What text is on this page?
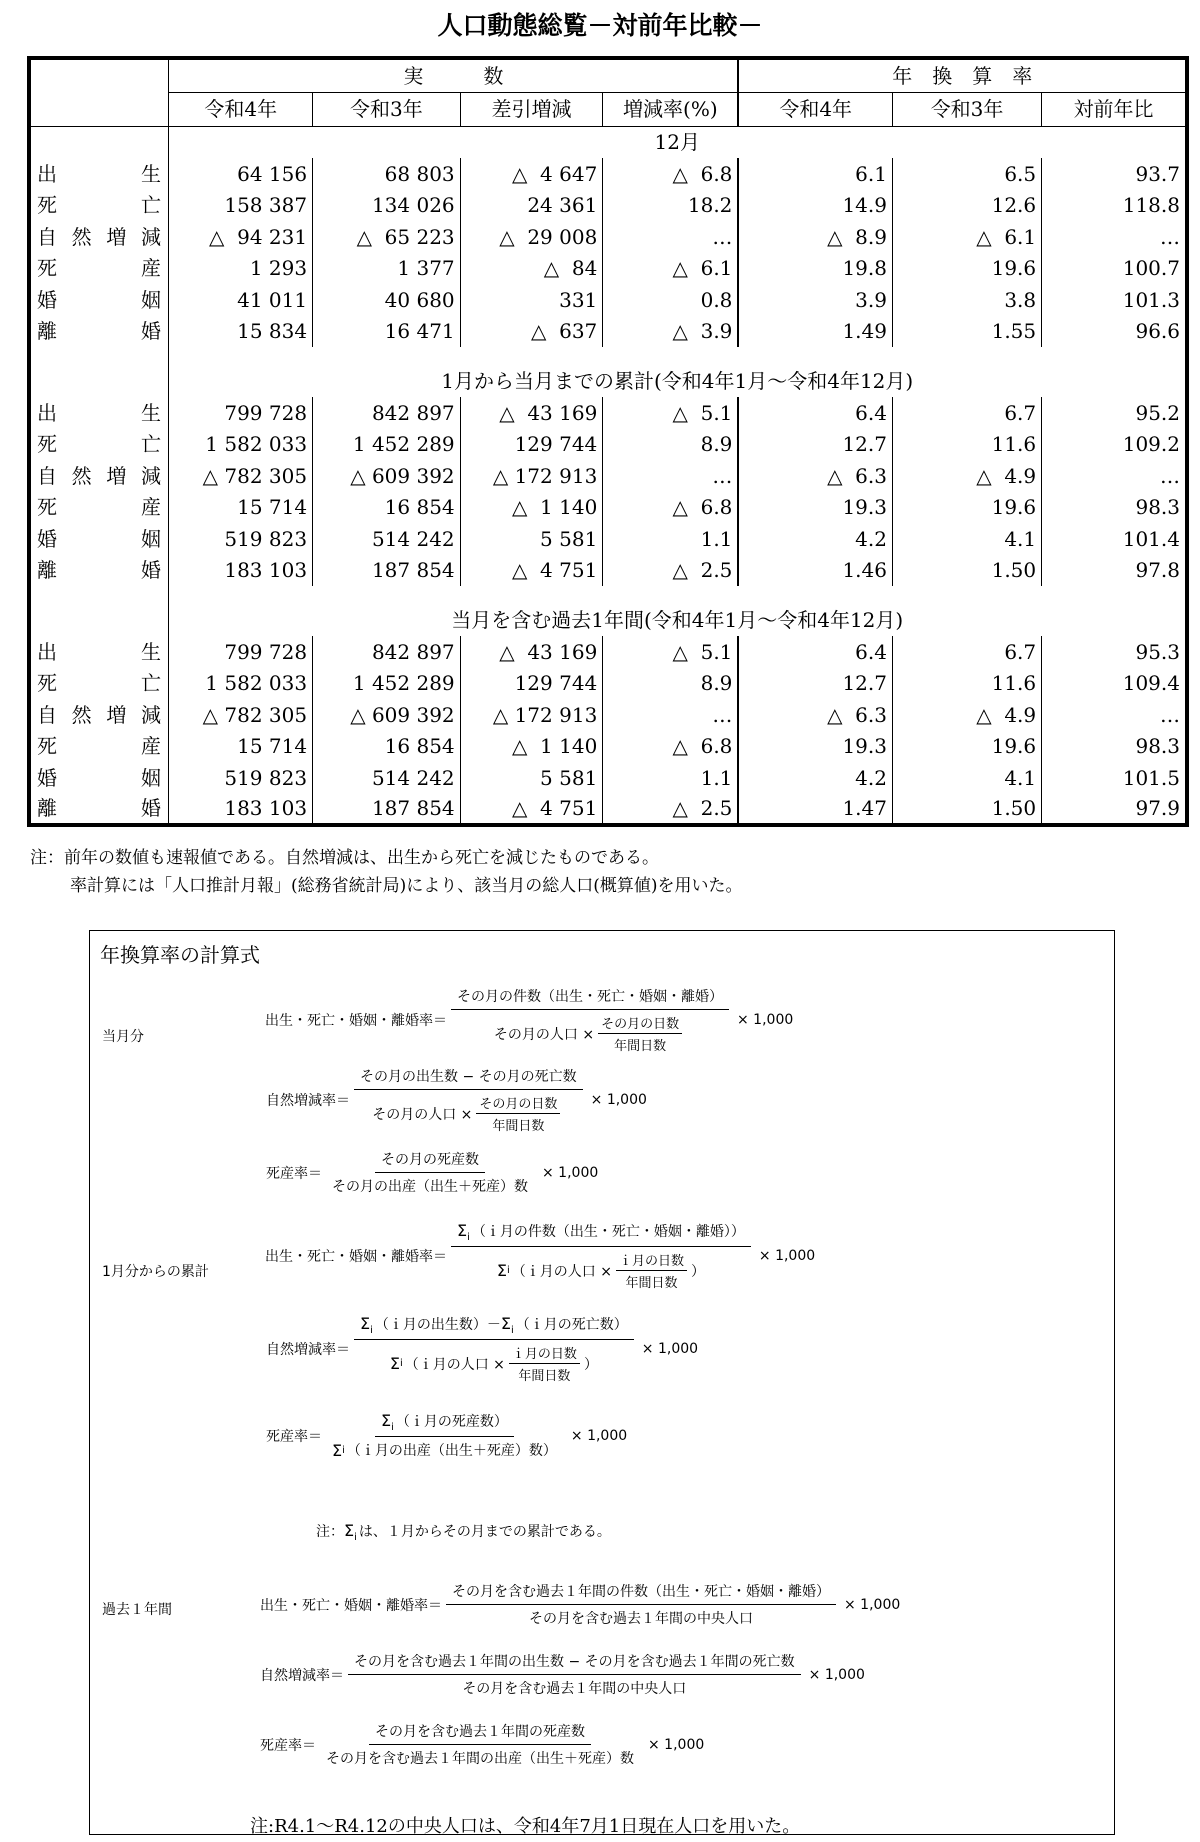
人口動態総覧－対前年比較－
	実　　　数				年　換　算　率		
	令和4年	令和3年	差引増減	増減率(%)	令和4年	令和3年	対前年比
	12月						

出 生	64 156	68 803	△  4 647	△  6.8	6.1	6.5	93.7

死 亡	158 387	134 026	24 361	18.2	14.9	12.6	118.8

自 然 増 減	△  94 231	△  65 223	△  29 008	…	△  8.9	△  6.1	…

死 産	1 293	1 377	△  84	△  6.1	19.8	19.6	100.7

婚 姻	41 011	40 680	331	0.8	3.9	3.8	101.3

離 婚	15 834	16 471	△  637	△  3.9	1.49	1.55	96.6

	1月から当月までの累計(令和4年1月～令和4年12月)						

出 生	799 728	842 897	△  43 169	△  5.1	6.4	6.7	95.2

死 亡	1 582 033	1 452 289	129 744	8.9	12.7	11.6	109.2

自 然 増 減	△ 782 305	△ 609 392	△ 172 913	…	△  6.3	△  4.9	…

死 産	15 714	16 854	△  1 140	△  6.8	19.3	19.6	98.3

婚 姻	519 823	514 242	5 581	1.1	4.2	4.1	101.4

離 婚	183 103	187 854	△  4 751	△  2.5	1.46	1.50	97.8

	当月を含む過去1年間(令和4年1月～令和4年12月)						

出 生	799 728	842 897	△  43 169	△  5.1	6.4	6.7	95.3

死 亡	1 582 033	1 452 289	129 744	8.9	12.7	11.6	109.4

自 然 増 減	△ 782 305	△ 609 392	△ 172 913	…	△  6.3	△  4.9	…

死 産	15 714	16 854	△  1 140	△  6.8	19.3	19.6	98.3

婚 姻	519 823	514 242	5 581	1.1	4.2	4.1	101.5

離 婚	183 103	187 854	△  4 751	△  2.5	1.47	1.50	97.9
注：前年の数値も速報値である。自然増減は、出生から死亡を減じたものである。
率計算には「人口推計月報」(総務省統計局)により、該当月の総人口(概算値)を用いた。
年換算率の計算式
当月分
出生・死亡・婚姻・離婚率＝ $\frac{\text{その月の件数（出生・死亡・婚姻・離婚）}}{その月の人口 \times \frac{\text{その月の日数}}{\text{年間日数}}} \times 1,000$
自然増減率＝ $\frac{\text{その月の出生数 − その月の死亡数}}{その月の人口 \times \frac{\text{その月の日数}}{\text{年間日数}}} \times 1,000$
死産率＝ $\frac{\text{その月の死産数}}{\text{その月の出産（出生＋死産）数}} \times 1,000$
1月分からの累計
出生・死亡・婚姻・離婚率＝
$\Sigma_i$ （ｉ月の件数（出生・死亡・婚姻・離婚））
Σ i （ｉ月の人口 × $\frac{\text{ｉ月の日数}}{\text{年間日数}}$ ）
× 1,000
自然増減率＝
$\Sigma_i$ （ｉ月の出生数）$-\Sigma_i$ （ｉ月の死亡数）
Σ i （ｉ月の人口 × $\frac{\text{ｉ月の日数}}{\text{年間日数}}$ ）
× 1,000
死産率＝ $\frac{\Sigma_i (i月の死産数)}{\text{Σ i （ｉ月の出産（出生＋死産）数）}} \times 1,000$
注：$\Sigma_i$ は、１月からその月までの累計である。
過去１年間	出生・死亡・婚姻・離婚率＝ $\frac{\text{その月を含む過去１年間の件数（出生・死亡・婚姻・離婚）}}{\text{その月を含む過去１年間の中央人口}} \times 1,000$
自然増減率＝ $\frac{\text{その月を含む過去１年間の出生数 − その月を含む過去１年間の死亡数}}{\text{その月を含む過去１年間の中央人口}} \times 1,000$
死産率＝ $\frac{\text{その月を含む過去１年間の死産数}}{\text{その月を含む過去１年間の出産（出生＋死産）数}} \times 1,000$
注:R4.1～R4.12の中央人口は、令和4年7月1日現在人口を用いた。
